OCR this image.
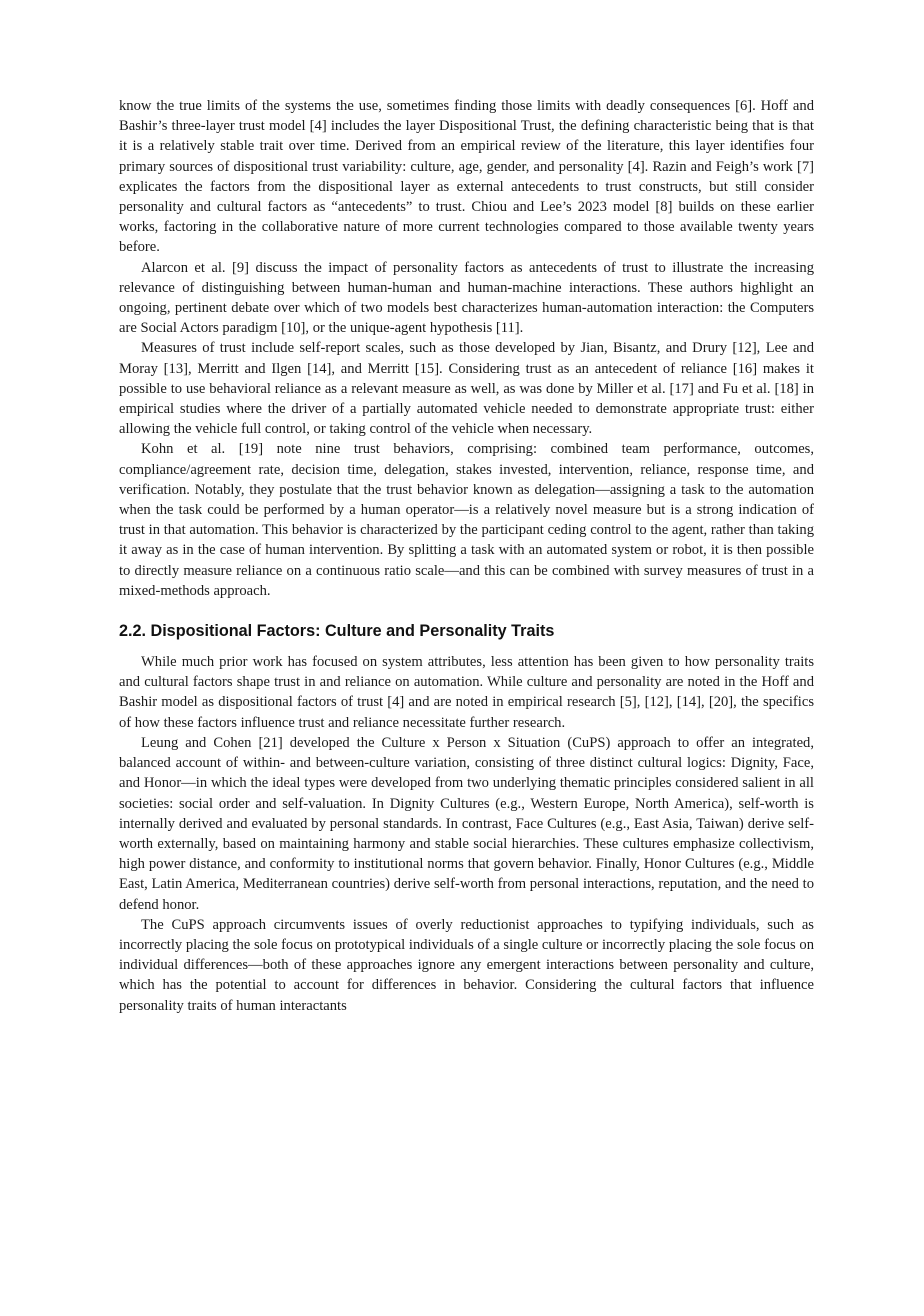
know the true limits of the systems the use, sometimes finding those limits with deadly consequences [6]. Hoff and Bashir’s three-layer trust model [4] includes the layer Dispositional Trust, the defining characteristic being that is that it is a relatively stable trait over time. Derived from an empirical review of the literature, this layer identifies four primary sources of dispositional trust variability: culture, age, gender, and personality [4]. Razin and Feigh’s work [7] explicates the factors from the dispositional layer as external antecedents to trust constructs, but still consider personality and cultural factors as “antecedents” to trust. Chiou and Lee’s 2023 model [8] builds on these earlier works, factoring in the collaborative nature of more current technologies compared to those available twenty years before.

Alarcon et al. [9] discuss the impact of personality factors as antecedents of trust to illustrate the increasing relevance of distinguishing between human-human and human-machine interactions. These authors highlight an ongoing, pertinent debate over which of two models best characterizes human-automation interaction: the Computers are Social Actors paradigm [10], or the unique-agent hypothesis [11].

Measures of trust include self-report scales, such as those developed by Jian, Bisantz, and Drury [12], Lee and Moray [13], Merritt and Ilgen [14], and Merritt [15]. Considering trust as an antecedent of reliance [16] makes it possible to use behavioral reliance as a relevant measure as well, as was done by Miller et al. [17] and Fu et al. [18] in empirical studies where the driver of a partially automated vehicle needed to demonstrate appropriate trust: either allowing the vehicle full control, or taking control of the vehicle when necessary.

Kohn et al. [19] note nine trust behaviors, comprising: combined team performance, outcomes, compliance/agreement rate, decision time, delegation, stakes invested, intervention, reliance, response time, and verification. Notably, they postulate that the trust behavior known as delegation—assigning a task to the automation when the task could be performed by a human operator—is a relatively novel measure but is a strong indication of trust in that automation. This behavior is characterized by the participant ceding control to the agent, rather than taking it away as in the case of human intervention. By splitting a task with an automated system or robot, it is then possible to directly measure reliance on a continuous ratio scale—and this can be combined with survey measures of trust in a mixed-methods approach.

2.2. Dispositional Factors: Culture and Personality Traits

While much prior work has focused on system attributes, less attention has been given to how personality traits and cultural factors shape trust in and reliance on automation. While culture and personality are noted in the Hoff and Bashir model as dispositional factors of trust [4] and are noted in empirical research [5], [12], [14], [20], the specifics of how these factors influence trust and reliance necessitate further research.

Leung and Cohen [21] developed the Culture x Person x Situation (CuPS) approach to offer an integrated, balanced account of within- and between-culture variation, consisting of three distinct cultural logics: Dignity, Face, and Honor—in which the ideal types were developed from two underlying thematic principles considered salient in all societies: social order and self-valuation. In Dignity Cultures (e.g., Western Europe, North America), self-worth is internally derived and evaluated by personal standards. In contrast, Face Cultures (e.g., East Asia, Taiwan) derive self-worth externally, based on maintaining harmony and stable social hierarchies. These cultures emphasize collectivism, high power distance, and conformity to institutional norms that govern behavior. Finally, Honor Cultures (e.g., Middle East, Latin America, Mediterranean countries) derive self-worth from personal interactions, reputation, and the need to defend honor.

The CuPS approach circumvents issues of overly reductionist approaches to typifying individuals, such as incorrectly placing the sole focus on prototypical individuals of a single culture or incorrectly placing the sole focus on individual differences—both of these approaches ignore any emergent interactions between personality and culture, which has the potential to account for differences in behavior. Considering the cultural factors that influence personality traits of human interactants
